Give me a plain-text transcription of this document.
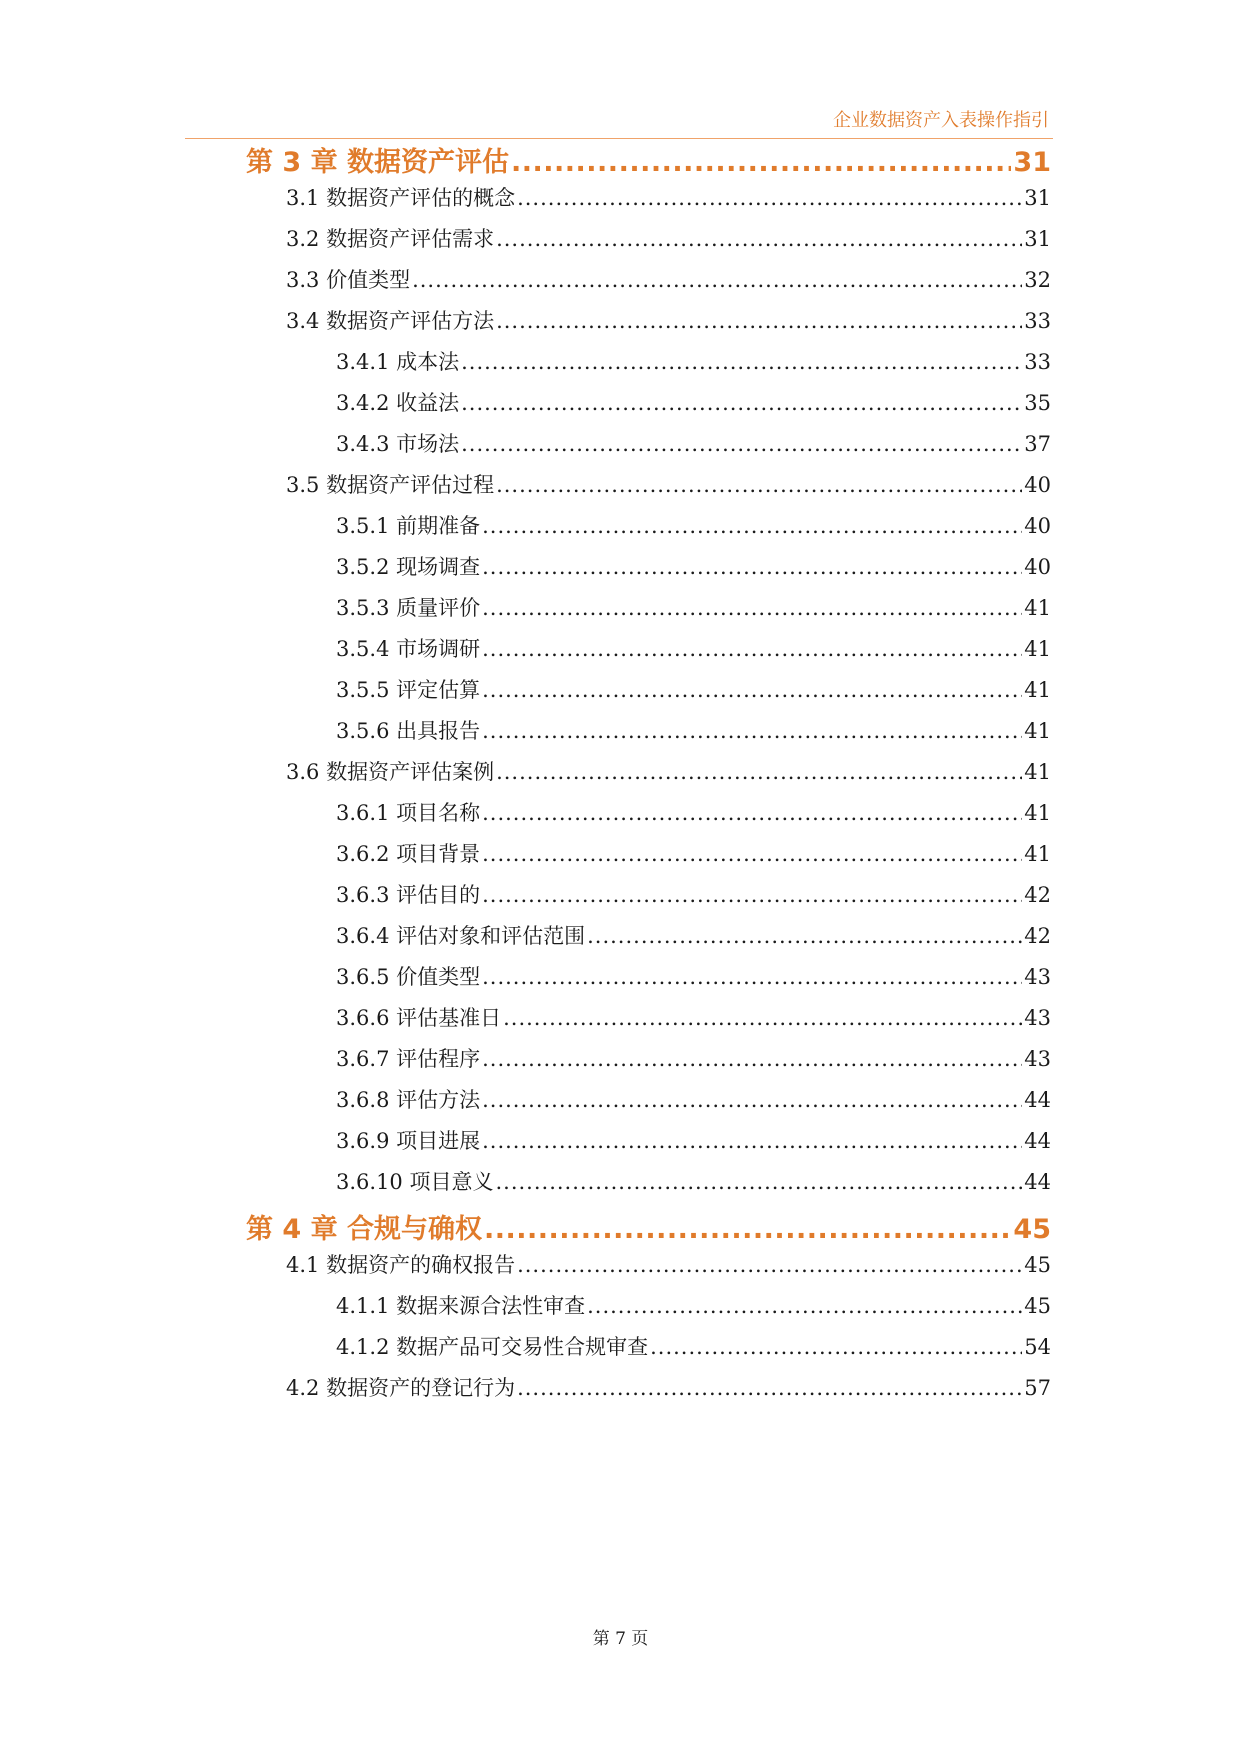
企业数据资产入表操作指引
第 3 章 数据资产评估 .....	31
3.1 数据资产评估的概念 .....	31
3.2 数据资产评估需求 .....	31
3.3 价值类型 .....	32
3.4 数据资产评估方法 .....	33
3.4.1 成本法 .....	33
3.4.2 收益法 .....	35
3.4.3 市场法 .....	37
3.5 数据资产评估过程 .....	40
3.5.1 前期准备 .....	40
3.5.2 现场调查 .....	40
3.5.3 质量评价 .....	41
3.5.4 市场调研 .....	41
3.5.5 评定估算 .....	41
3.5.6 出具报告 .....	41
3.6 数据资产评估案例 .....	41
3.6.1 项目名称 .....	41
3.6.2 项目背景 .....	41
3.6.3 评估目的 .....	42
3.6.4 评估对象和评估范围 .....	42
3.6.5 价值类型 .....	43
3.6.6 评估基准日 .....	43
3.6.7 评估程序 .....	43
3.6.8 评估方法 .....	44
3.6.9 项目进展 .....	44
3.6.10 项目意义 .....	44
第 4 章 合规与确权 .....	45
4.1 数据资产的确权报告 .....	45
4.1.1 数据来源合法性审查 .....	45
4.1.2 数据产品可交易性合规审查 .....	54
4.2 数据资产的登记行为 .....	57
第 7 页
